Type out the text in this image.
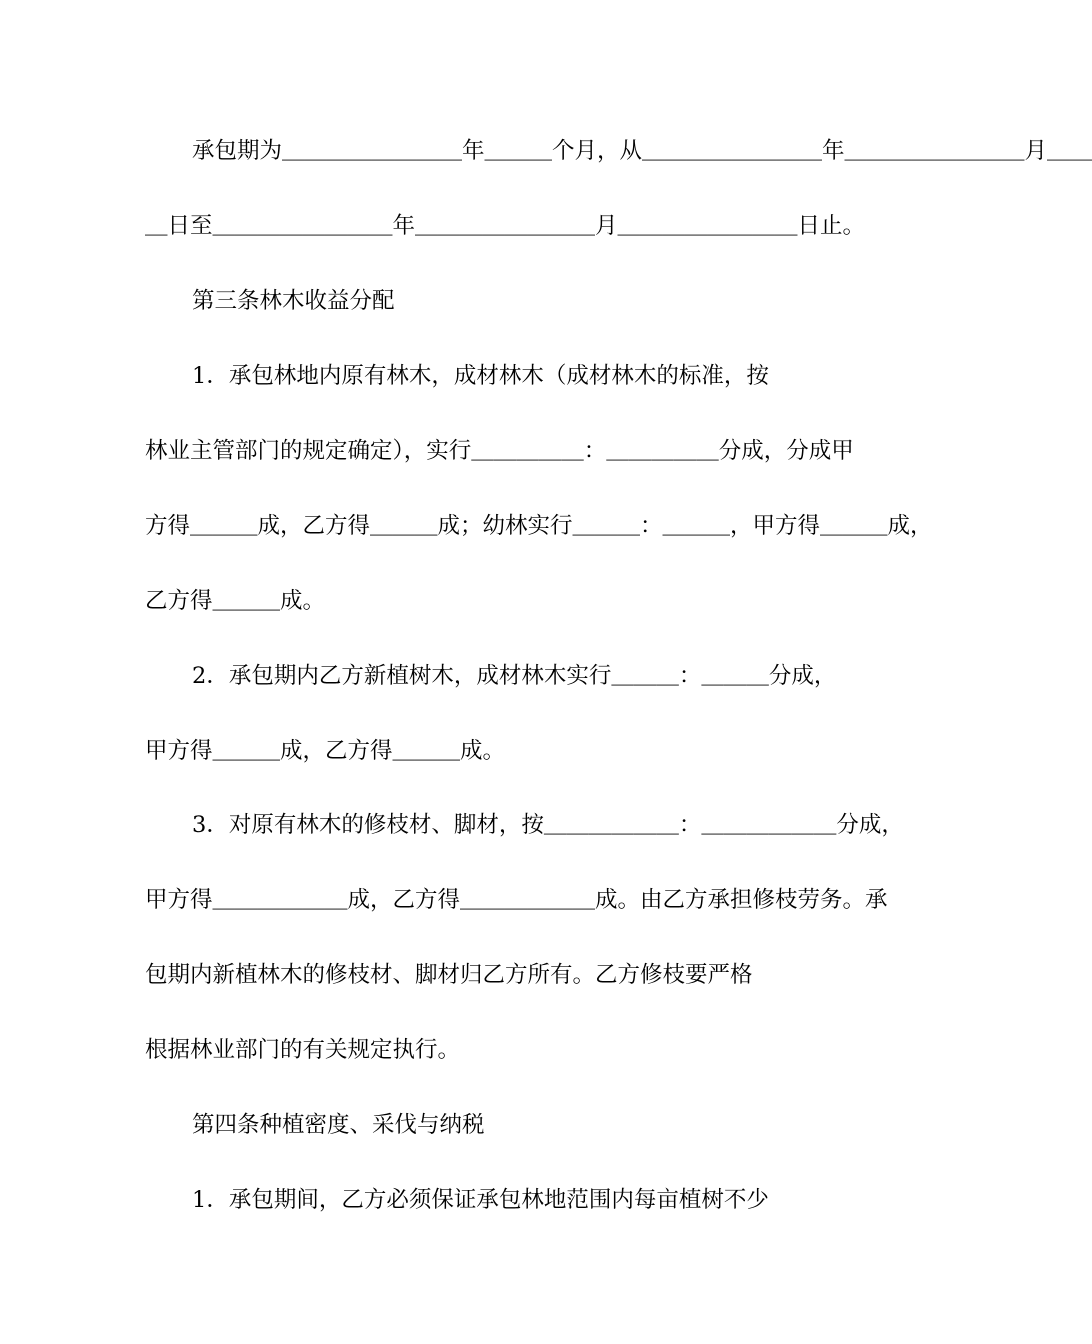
承包期为＿＿＿＿＿＿＿＿年＿＿＿个月，从＿＿＿＿＿＿＿＿年＿＿＿＿＿＿＿＿月＿＿
＿日至＿＿＿＿＿＿＿＿年＿＿＿＿＿＿＿＿月＿＿＿＿＿＿＿＿日止。
第三条林木收益分配
1．承包林地内原有林木，成材林木（成材林木的标准，按
林业主管部门的规定确定），实行＿＿＿＿＿：＿＿＿＿＿分成，分成甲
方得＿＿＿成，乙方得＿＿＿成；幼林实行＿＿＿：＿＿＿，甲方得＿＿＿成，
乙方得＿＿＿成。
2．承包期内乙方新植树木，成材林木实行＿＿＿：＿＿＿分成，
甲方得＿＿＿成，乙方得＿＿＿成。
3．对原有林木的修枝材、脚材，按＿＿＿＿＿＿：＿＿＿＿＿＿分成，
甲方得＿＿＿＿＿＿成，乙方得＿＿＿＿＿＿成。由乙方承担修枝劳务。承
包期内新植林木的修枝材、脚材归乙方所有。乙方修枝要严格
根据林业部门的有关规定执行。
第四条种植密度、采伐与纳税
1．承包期间，乙方必须保证承包林地范围内每亩植树不少
